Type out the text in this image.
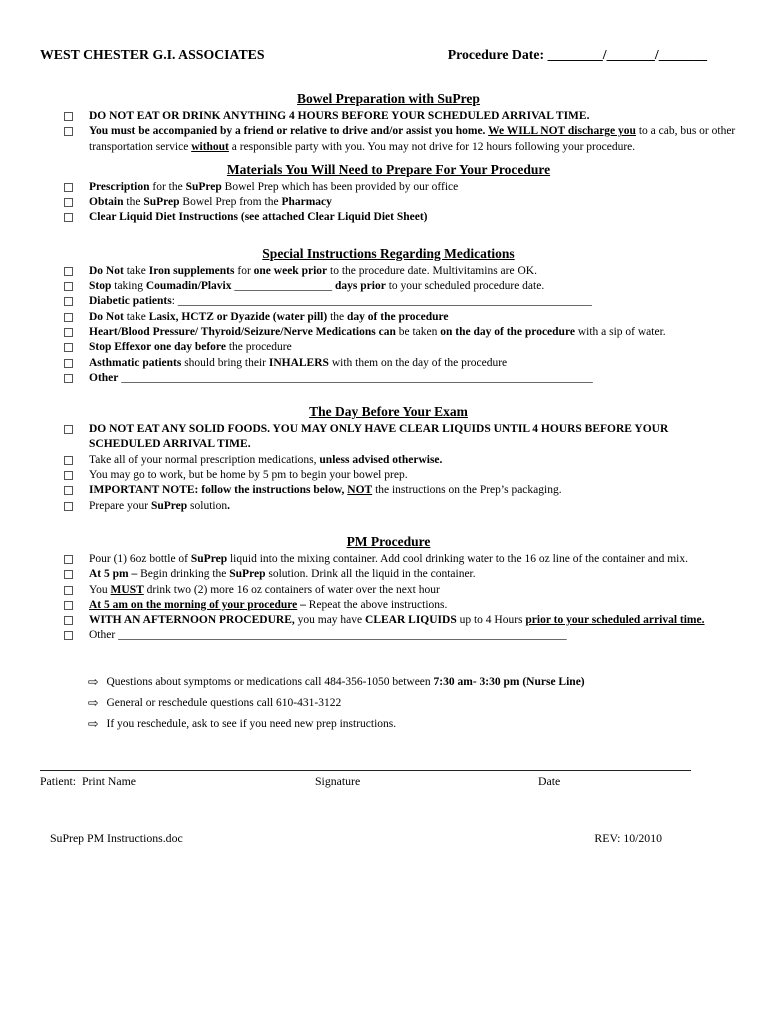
WEST CHESTER G.I. ASSOCIATES	Procedure Date: ________/_______/_______
Bowel Preparation with SuPrep
DO NOT EAT OR DRINK ANYTHING 4 HOURS BEFORE YOUR SCHEDULED ARRIVAL TIME.
You must be accompanied by a friend or relative to drive and/or assist you home. We WILL NOT discharge you to a cab, bus or other transportation service without a responsible party with you. You may not drive for 12 hours following your procedure.
Materials You Will Need to Prepare For Your Procedure
Prescription for the SuPrep Bowel Prep which has been provided by our office
Obtain the SuPrep Bowel Prep from the Pharmacy
Clear Liquid Diet Instructions (see attached Clear Liquid Diet Sheet)
Special Instructions Regarding Medications
Do Not take Iron supplements for one week prior to the procedure date. Multivitamins are OK.
Stop taking Coumadin/Plavix _________________ days prior to your scheduled procedure date.
Diabetic patients: ________________________________________________________________________
Do Not take Lasix, HCTZ or Dyazide (water pill) the day of the procedure
Heart/Blood Pressure/ Thyroid/Seizure/Nerve Medications can be taken on the day of the procedure with a sip of water.
Stop Effexor one day before the procedure
Asthmatic patients should bring their INHALERS with them on the day of the procedure
Other __________________________________________________________________________________
The Day Before Your Exam
DO NOT EAT ANY SOLID FOODS. YOU MAY ONLY HAVE CLEAR LIQUIDS UNTIL 4 HOURS BEFORE YOUR SCHEDULED ARRIVAL TIME.
Take all of your normal prescription medications, unless advised otherwise.
You may go to work, but be home by 5 pm to begin your bowel prep.
IMPORTANT NOTE: follow the instructions below, NOT the instructions on the Prep’s packaging.
Prepare your SuPrep solution.
PM Procedure
Pour (1) 6oz bottle of SuPrep liquid into the mixing container. Add cool drinking water to the 16 oz line of the container and mix.
At 5 pm – Begin drinking the SuPrep solution. Drink all the liquid in the container.
You MUST drink two (2) more 16 oz containers of water over the next hour
At 5 am on the morning of your procedure – Repeat the above instructions.
WITH AN AFTERNOON PROCEDURE, you may have CLEAR LIQUIDS up to 4 Hours prior to your scheduled arrival time.
Other ______________________________________________________________________________
⇨ Questions about symptoms or medications call 484-356-1050 between 7:30 am- 3:30 pm (Nurse Line)
⇨ General or reschedule questions call 610-431-3122
⇨ If you reschedule, ask to see if you need new prep instructions.
Patient:  Print Name	Signature	Date
SuPrep PM Instructions.doc	REV: 10/2010
